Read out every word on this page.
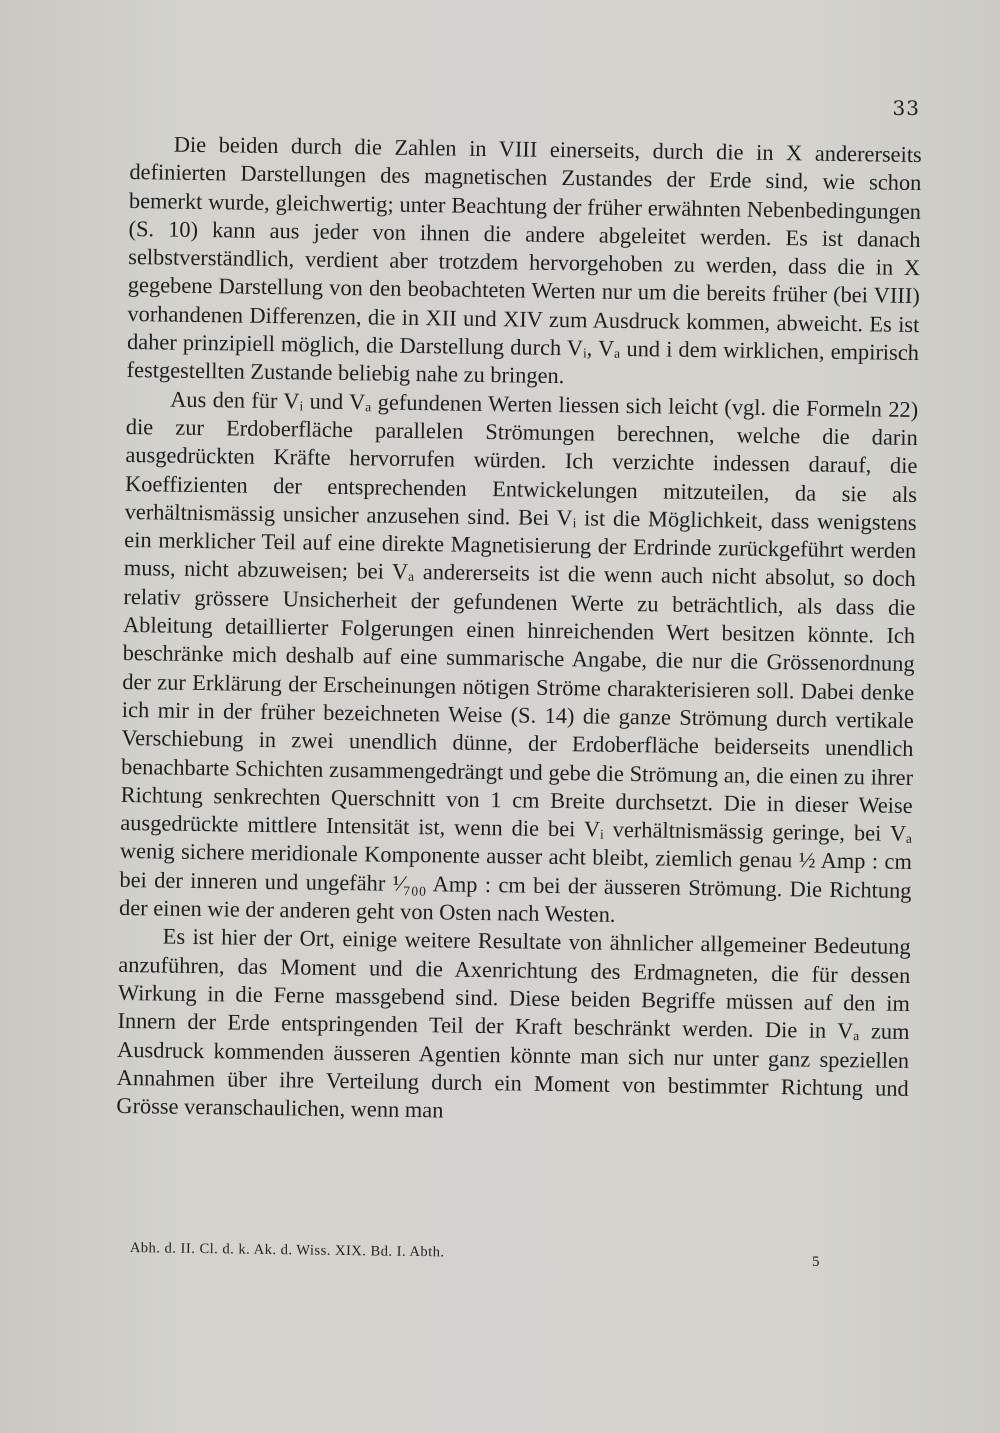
33

Die beiden durch die Zahlen in VIII einerseits, durch die in X andererseits definierten Darstellungen des magnetischen Zustandes der Erde sind, wie schon bemerkt wurde, gleichwertig; unter Beachtung der früher erwähnten Nebenbedingungen (S. 10) kann aus jeder von ihnen die andere abgeleitet werden. Es ist danach selbstverständlich, verdient aber trotzdem hervorgehoben zu werden, dass die in X gegebene Darstellung von den beobachteten Werten nur um die bereits früher (bei VIII) vorhandenen Differenzen, die in XII und XIV zum Ausdruck kommen, abweicht. Es ist daher prinzipiell möglich, die Darstellung durch Vᵢ, Vₐ und i dem wirklichen, empirisch festgestellten Zustande beliebig nahe zu bringen.

Aus den für Vᵢ und Vₐ gefundenen Werten liessen sich leicht (vgl. die Formeln 22) die zur Erdoberfläche parallelen Strömungen berechnen, welche die darin ausgedrückten Kräfte hervorrufen würden. Ich verzichte indessen darauf, die Koeffizienten der entsprechenden Entwickelungen mitzuteilen, da sie als verhältnismässig unsicher anzusehen sind. Bei Vᵢ ist die Möglichkeit, dass wenigstens ein merklicher Teil auf eine direkte Magnetisierung der Erdrinde zurückgeführt werden muss, nicht abzuweisen; bei Vₐ andererseits ist die wenn auch nicht absolut, so doch relativ grössere Unsicherheit der gefundenen Werte zu beträchtlich, als dass die Ableitung detaillierter Folgerungen einen hinreichenden Wert besitzen könnte. Ich beschränke mich deshalb auf eine summarische Angabe, die nur die Grössenordnung der zur Erklärung der Erscheinungen nötigen Ströme charakterisieren soll. Dabei denke ich mir in der früher bezeichneten Weise (S. 14) die ganze Strömung durch vertikale Verschiebung in zwei unendlich dünne, der Erdoberfläche beiderseits unendlich benachbarte Schichten zusammengedrängt und gebe die Strömung an, die einen zu ihrer Richtung senkrechten Querschnitt von 1 cm Breite durchsetzt. Die in dieser Weise ausgedrückte mittlere Intensität ist, wenn die bei Vᵢ verhältnismässig geringe, bei Vₐ wenig sichere meridionale Komponente ausser acht bleibt, ziemlich genau ½ Amp : cm bei der inneren und ungefähr ¹⁄₇₀₀ Amp : cm bei der äusseren Strömung. Die Richtung der einen wie der anderen geht von Osten nach Westen.

Es ist hier der Ort, einige weitere Resultate von ähnlicher allgemeiner Bedeutung anzuführen, das Moment und die Axenrichtung des Erdmagneten, die für dessen Wirkung in die Ferne massgebend sind. Diese beiden Begriffe müssen auf den im Innern der Erde entspringenden Teil der Kraft beschränkt werden. Die in Vₐ zum Ausdruck kommenden äusseren Agentien könnte man sich nur unter ganz speziellen Annahmen über ihre Verteilung durch ein Moment von bestimmter Richtung und Grösse veranschaulichen, wenn man

Abh. d. II. Cl. d. k. Ak. d. Wiss. XIX. Bd. I. Abth.
5
